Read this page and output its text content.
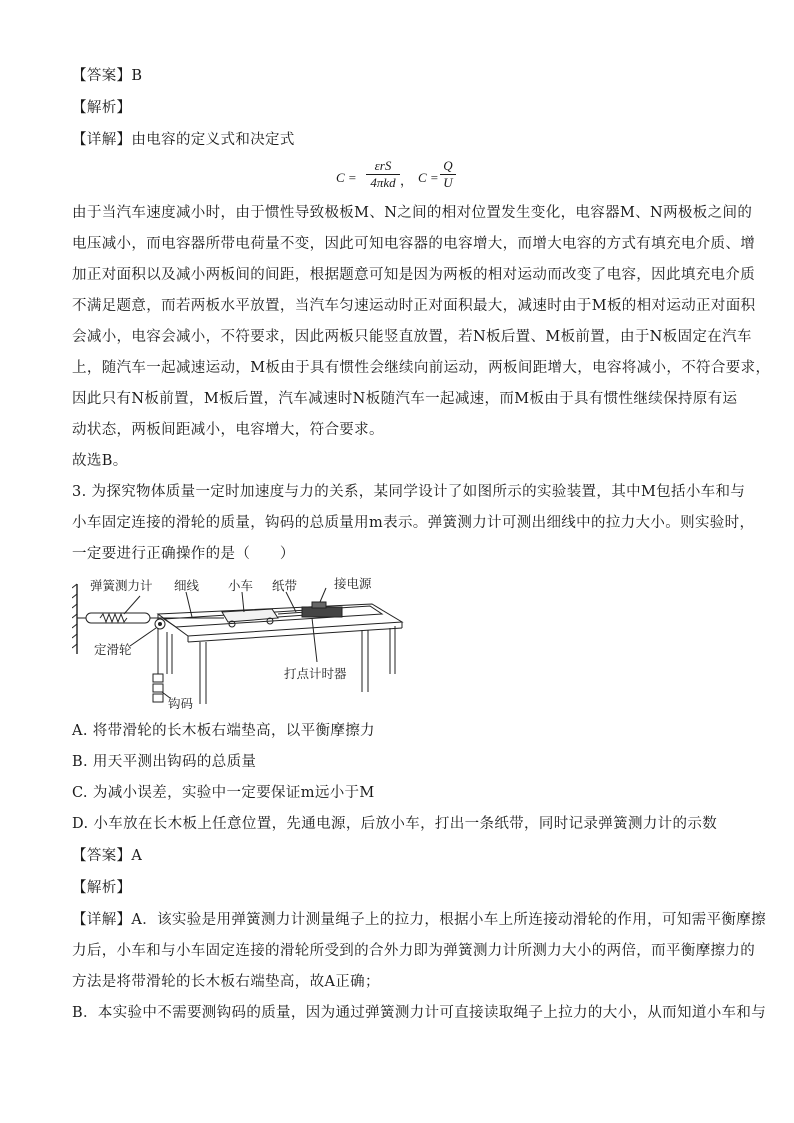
【答案】B
【解析】
【详解】由电容的定义式和决定式
C =
εrS
4πkd ， $C = \frac{Q}{U}$
由于当汽车速度减小时，由于惯性导致极板M、N之间的相对位置发生变化，电容器M、N两极板之间的
电压减小，而电容器所带电荷量不变，因此可知电容器的电容增大，而增大电容的方式有填充电介质、增
加正对面积以及减小两板间的间距，根据题意可知是因为两板的相对运动而改变了电容，因此填充电介质
不满足题意，而若两板水平放置，当汽车匀速运动时正对面积最大，减速时由于M板的相对运动正对面积
会减小，电容会减小，不符要求，因此两板只能竖直放置，若N板后置、M板前置，由于N板固定在汽车
上，随汽车一起减速运动，M板由于具有惯性会继续向前运动，两板间距增大，电容将减小，不符合要求，
因此只有N板前置，M板后置，汽车减速时N板随汽车一起减速，而M板由于具有惯性继续保持原有运
动状态，两板间距减小，电容增大，符合要求。
故选B。
3. 为探究物体质量一定时加速度与力的关系，某同学设计了如图所示的实验装置，其中M包括小车和与
小车固定连接的滑轮的质量，钩码的总质量用m表示。弹簧测力计可测出细线中的拉力大小。则实验时，
一定要进行正确操作的是（　　）
弹簧测力计 细线 小车 纸带	接电源
定滑轮
打点计时器
钩码
A. 将带滑轮的长木板右端垫高，以平衡摩擦力
B. 用天平测出钩码的总质量
C. 为减小误差，实验中一定要保证m远小于M
D. 小车放在长木板上任意位置，先通电源，后放小车，打出一条纸带，同时记录弹簧测力计的示数
【答案】A
【解析】
【详解】A．该实验是用弹簧测力计测量绳子上的拉力，根据小车上所连接动滑轮的作用，可知需平衡摩擦
力后，小车和与小车固定连接的滑轮所受到的合外力即为弹簧测力计所测力大小的两倍，而平衡摩擦力的
方法是将带滑轮的长木板右端垫高，故A正确；
B．本实验中不需要测钩码的质量，因为通过弹簧测力计可直接读取绳子上拉力的大小，从而知道小车和与
